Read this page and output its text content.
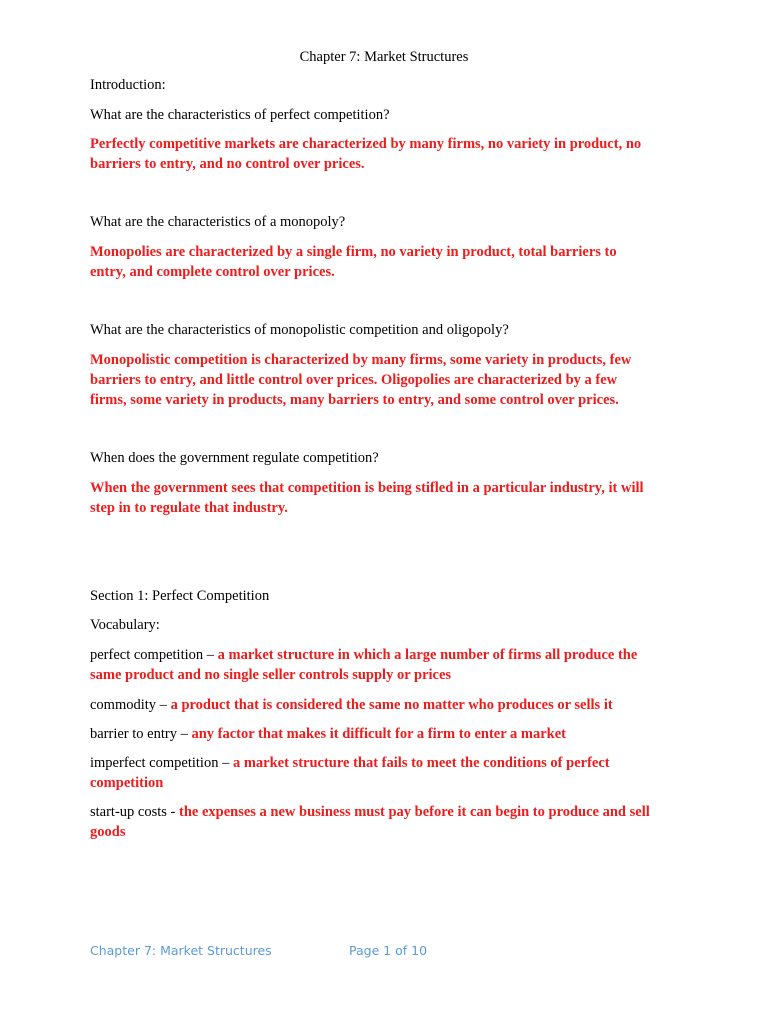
Chapter 7: Market Structures
Introduction:
What are the characteristics of perfect competition?
Perfectly competitive markets are characterized by many firms, no variety in product, no
barriers to entry, and no control over prices.
What are the characteristics of a monopoly?
Monopolies are characterized by a single firm, no variety in product, total barriers to
entry, and complete control over prices.
What are the characteristics of monopolistic competition and oligopoly?
Monopolistic competition is characterized by many firms, some variety in products, few
barriers to entry, and little control over prices. Oligopolies are characterized by a few
firms, some variety in products, many barriers to entry, and some control over prices.
When does the government regulate competition?
When the government sees that competition is being stifled in a particular industry, it will
step in to regulate that industry.
Section 1: Perfect Competition
Vocabulary:
perfect competition – a market structure in which a large number of firms all produce the
same product and no single seller controls supply or prices
commodity – a product that is considered the same no matter who produces or sells it
barrier to entry – any factor that makes it difficult for a firm to enter a market
imperfect competition – a market structure that fails to meet the conditions of perfect
competition
start-up costs - the expenses a new business must pay before it can begin to produce and sell
goods
Chapter 7: Market Structures	Page 1 of 10
